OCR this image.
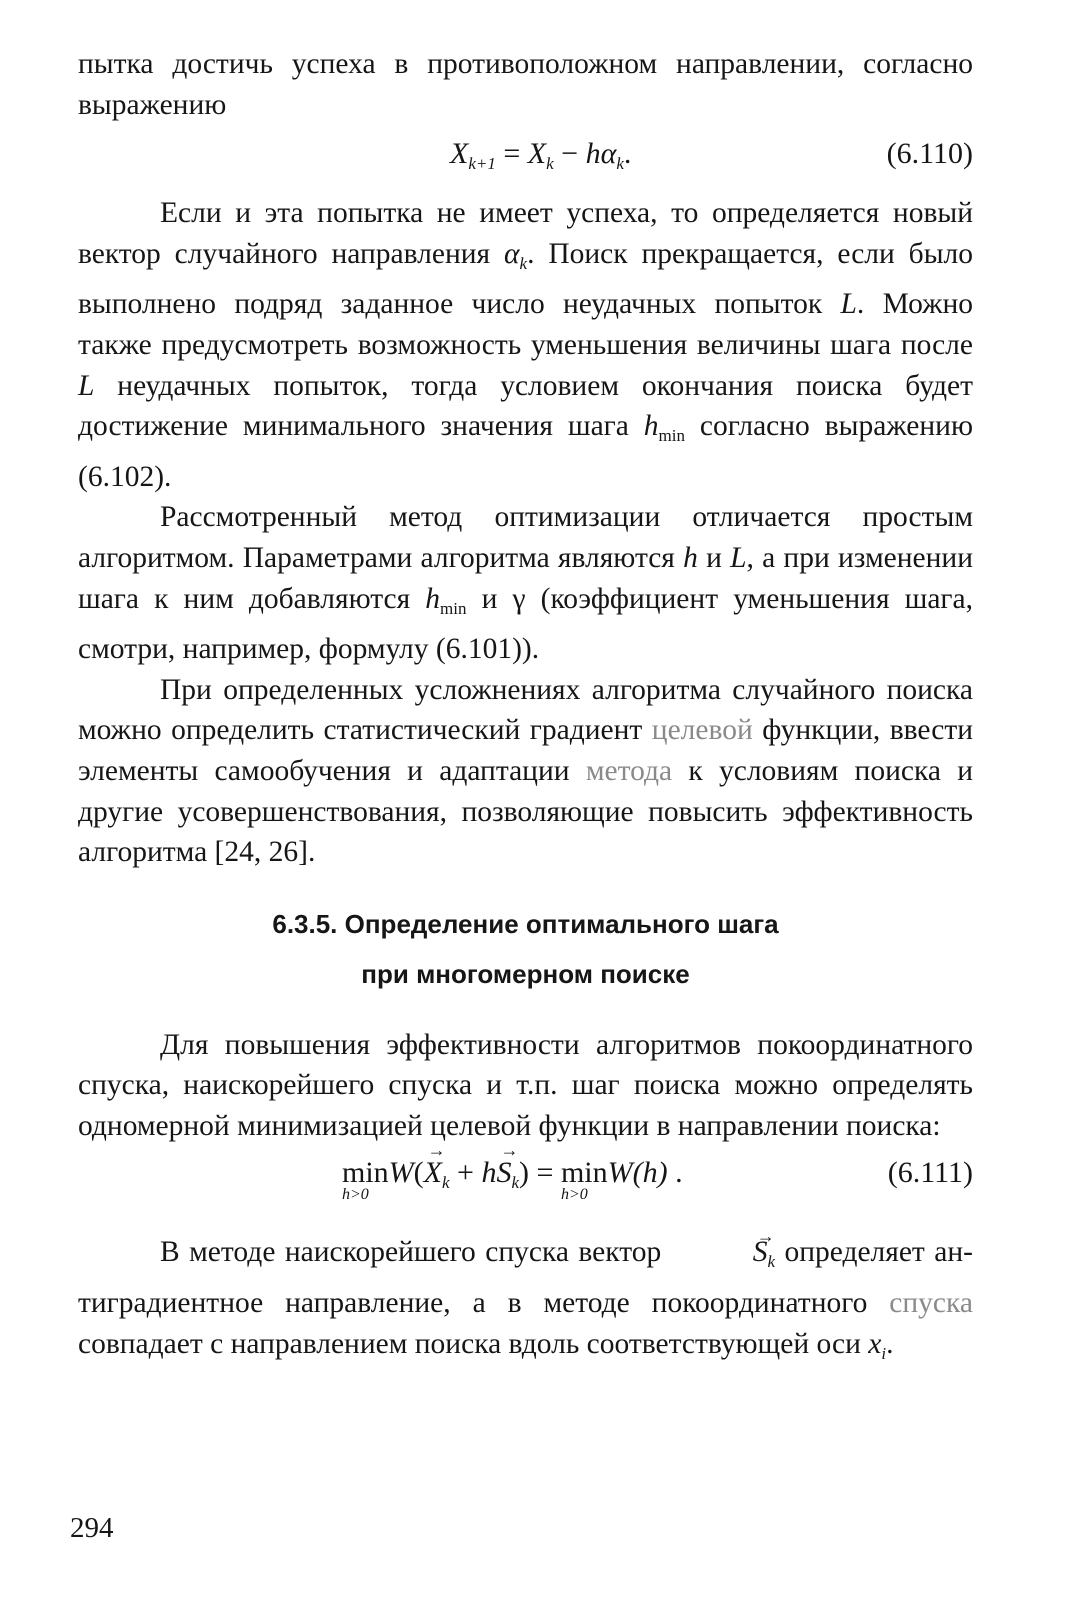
пытка достичь успеха в противоположном направлении, согласно выражению

$X_{k+1} = X_k - h\alpha_k$.	(6.110)

Если и эта попытка не имеет успеха, то определяется новый вектор случайного направления $\alpha_k$. Поиск прекращается, если было выполнено подряд заданное число неудачных попыток L. Можно также предусмотреть возможность уменьшения величины шага после L неудачных попыток, тогда условием окончания поиска будет достижение минимального значения шага $h_{min}$ согласно выражению (6.102).

Рассмотренный метод оптимизации отличается простым алгоритмом. Параметрами алгоритма являются h и L, а при изменении шага к ним добавляются $h_{min}$ и γ (коэффициент уменьшения шага, смотри, например, формулу (6.101)).

При определенных усложнениях алгоритма случайного поиска можно определить статистический градиент целевой функции, ввести элементы самообучения и адаптации метода к условиям поиска и другие усовершенствования, позволяющие повысить эффективность алгоритма [24, 26].

6.3.5. Определение оптимального шага
при многомерном поиске

Для повышения эффективности алгоритмов покоординатного спуска, наискорейшего спуска и т.п. шаг поиска можно определять одномерной минимизацией целевой функции в направлении поиска:

min
h>0
$W(\to X_k + h\to S_k) = \min$
h>0
W(h) .	(6.111)

В методе наискорейшего спуска вектор →	$S_k$ определяет антиградиентное направление, а в методе покоординатного спуска совпадает с направлением поиска вдоль соответствующей оси $x_i$.

294
